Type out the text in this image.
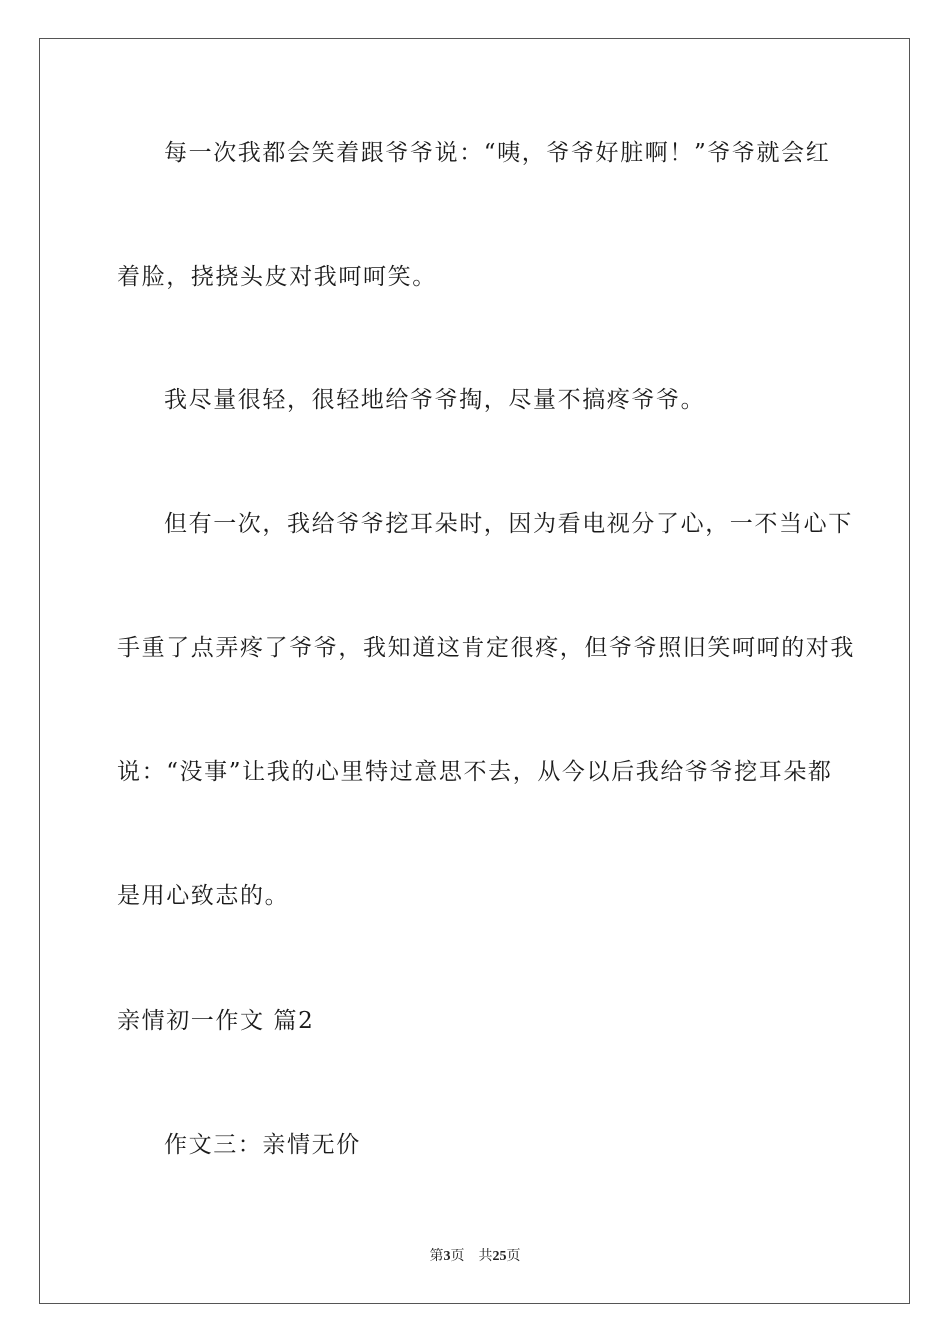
每一次我都会笑着跟爷爷说：“咦，爷爷好脏啊！”爷爷就会红
着脸，挠挠头皮对我呵呵笑。
我尽量很轻，很轻地给爷爷掏，尽量不搞疼爷爷。
但有一次，我给爷爷挖耳朵时，因为看电视分了心，一不当心下
手重了点弄疼了爷爷，我知道这肯定很疼，但爷爷照旧笑呵呵的对我
说：“没事”让我的心里特过意思不去，从今以后我给爷爷挖耳朵都
是用心致志的。
亲情初一作文 篇2
作文三：亲情无价
第3页 共25页
